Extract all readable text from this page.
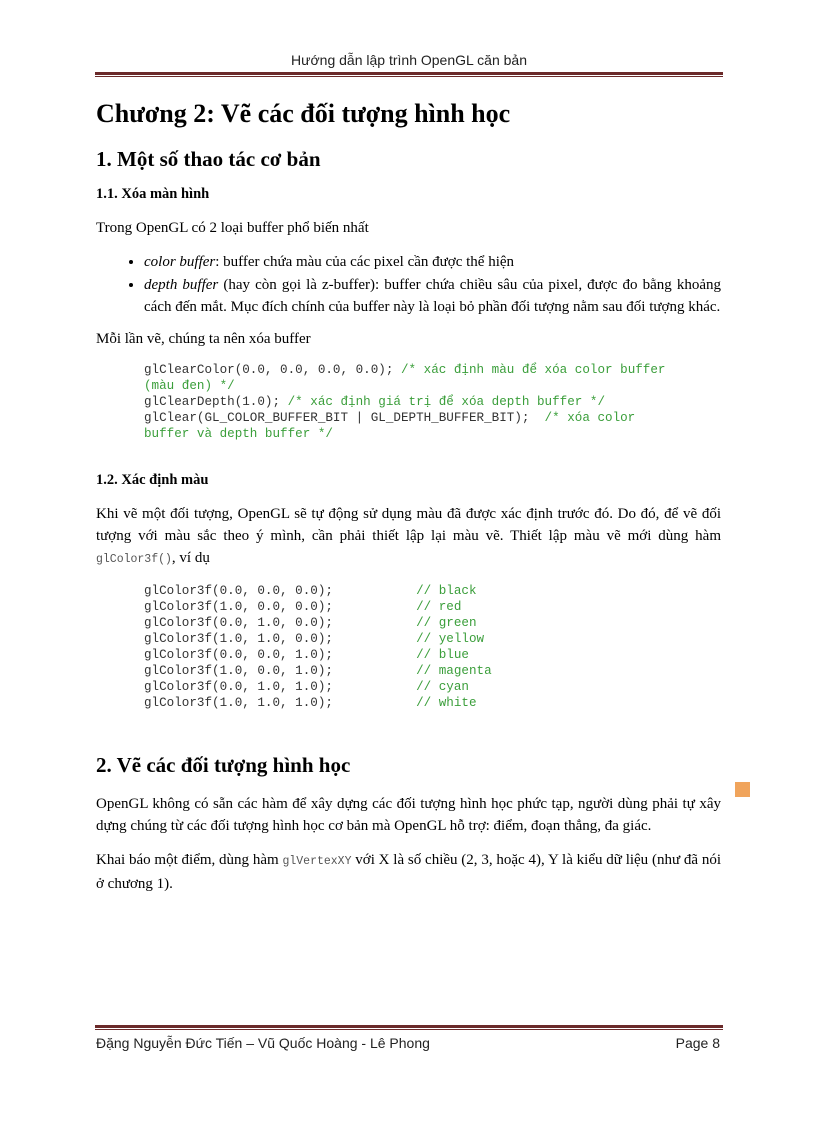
Hướng dẫn lập trình OpenGL căn bản
Chương 2: Vẽ các đối tượng hình học
1. Một số thao tác cơ bản
1.1. Xóa màn hình

Trong OpenGL có 2 loại buffer phổ biến nhất

• color buffer: buffer chứa màu của các pixel cần được thể hiện
• depth buffer (hay còn gọi là z-buffer): buffer chứa chiều sâu của pixel, được đo bằng khoảng cách đến mắt. Mục đích chính của buffer này là loại bỏ phần đối tượng nằm sau đối tượng khác.

Mỗi lần vẽ, chúng ta nên xóa buffer

glClearColor(0.0, 0.0, 0.0, 0.0); /* xác định màu để xóa color buffer
(màu đen) */
glClearDepth(1.0); /* xác định giá trị để xóa depth buffer */
glClear(GL_COLOR_BUFFER_BIT | GL_DEPTH_BUFFER_BIT);  /* xóa color
buffer và depth buffer */
1.2. Xác định màu

Khi vẽ một đối tượng, OpenGL sẽ tự động sử dụng màu đã được xác định trước đó. Do đó, để vẽ đối tượng với màu sắc theo ý mình, cần phải thiết lập lại màu vẽ. Thiết lập màu vẽ mới dùng hàm glColor3f(), ví dụ

glColor3f(0.0, 0.0, 0.0);           // black
glColor3f(1.0, 0.0, 0.0);           // red
glColor3f(0.0, 1.0, 0.0);           // green
glColor3f(1.0, 1.0, 0.0);           // yellow
glColor3f(0.0, 0.0, 1.0);           // blue
glColor3f(1.0, 0.0, 1.0);           // magenta
glColor3f(0.0, 1.0, 1.0);           // cyan
glColor3f(1.0, 1.0, 1.0);           // white
2. Vẽ các đối tượng hình học

OpenGL không có sẵn các hàm để xây dựng các đối tượng hình học phức tạp, người dùng phải tự xây dựng chúng từ các đối tượng hình học cơ bản mà OpenGL hỗ trợ: điểm, đoạn thẳng, đa giác.

Khai báo một điểm, dùng hàm glVertexXY với X là số chiều (2, 3, hoặc 4), Y là kiểu dữ liệu (như đã nói ở chương 1).

Đặng Nguyễn Đức Tiến – Vũ Quốc Hoàng - Lê Phong	Page 8
